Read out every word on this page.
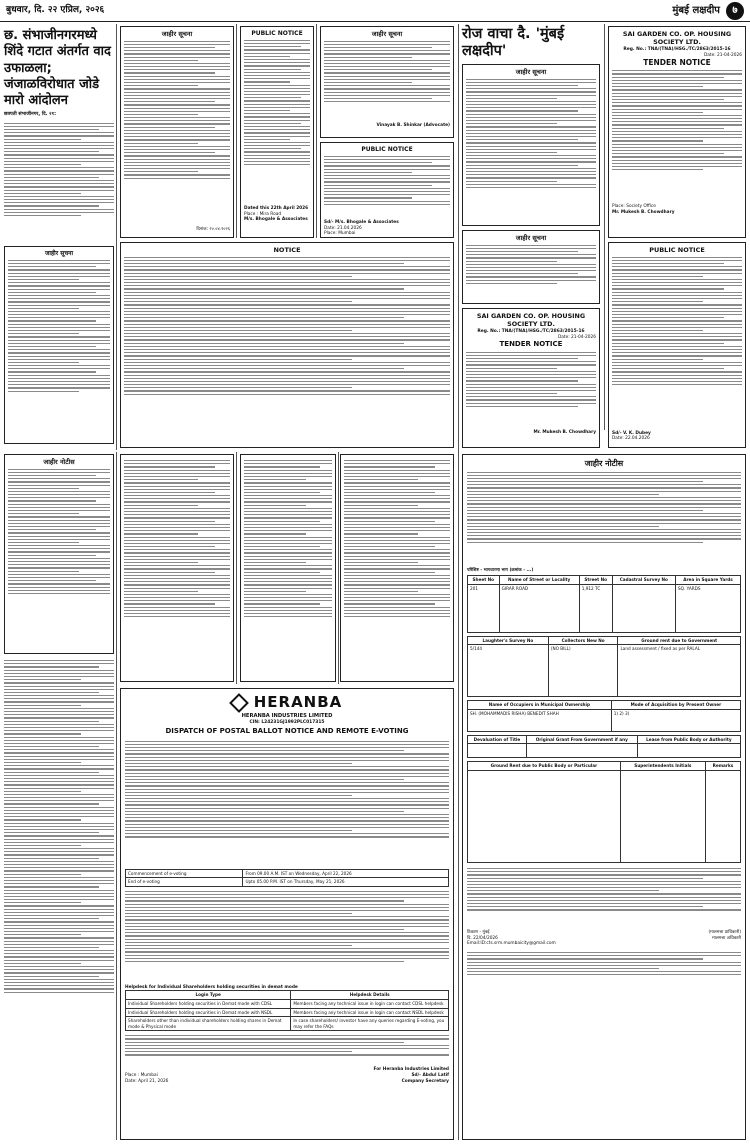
बुधवार, दि. २२ एप्रिल, २०२६	मुंबई लक्षदीप	७
छ. संभाजीनगरमध्ये शिंदे गटात अंतर्गत वाद उफाळला; जंजाळविरोधात जोडे मारो आंदोलन
छत्रपती संभाजीनगर, दि. २१:
जाहीर सूचना
जाहीर सूचना
दिनांक: २०.०४.२०२६
PUBLIC NOTICE
Dated this 22th April 2026
Place : Mira Road
M/s. Bhogale & Associates
जाहीर सूचना
Vinayak B. Shinkar (Advocate)
PUBLIC NOTICE
Sd/- M/s. Bhogale & Associates
Date: 21.04.2026
Place: Mumbai
NOTICE
रोज वाचा दै. 'मुंबई लक्षदीप'
जाहीर सूचना
जाहीर सूचना
SAI GARDEN CO. OP. HOUSING SOCIETY LTD.
Reg. No.: TNA/(TNA)/HSG./TC/2863/2015-16
Date: 21-04-2026
TENDER NOTICE
Mr. Mukesh B. Chowdhary
SAI GARDEN CO. OP. HOUSING SOCIETY LTD.
Reg. No.: TNA/(TNA)/HSG./TC/2863/2015-16
Date: 21-04-2026
TENDER NOTICE
Place: Society Office
Mr. Mukesh B. Chowdhary
PUBLIC NOTICE
Sd/- V. K. Dubey
Date: 22.04.2026
जाहीर नोटीस
HERANBA
HERANBA INDUSTRIES LIMITED
CIN: L24231GJ1992PLC017315
DISPATCH OF POSTAL BALLOT NOTICE AND REMOTE E-VOTING
Commencement of e-voting	From 09.00 A.M. IST on Wednesday, April 22, 2026
End of e-voting	Upto 05.00 P.M. IST on Thursday, May 21, 2026
Helpdesk for Individual Shareholders holding securities in demat mode
Login Type	Helpdesk Details
Individual Shareholders holding securities in Demat mode with CDSL	Members facing any technical issue in login can contact CDSL helpdesk
Individual Shareholders holding securities in Demat mode with NSDL	Members facing any technical issue in login can contact NSDL helpdesk
Shareholders other than individual shareholders holding shares in Demat mode & Physical mode	In case shareholders/ investor have any queries regarding E-voting, you may refer the FAQs
Place : Mumbai
Date: April 21, 2026
For Heranba Industries Limited
Sd/- Abdul Latif
Company Secretary
जाहीर नोटीस
परिशिष्ट - भागधारणा भाग (क्रमांक - ...)
Sheet No	Name of Street or Locality	Street No	Cadastral Survey No	Area in Square Yards
201	GIRAR ROAD	1,912 TC		SQ. YARDS
Laughter's Survey No	Collectors New No	Ground rent due to Government
5/144	(NO BILL)	Land assessment / fixed as per RALAL
Name of Occupiers in Municipal Ownership	Mode of Acquisition by Present Owner
SH. (MOHAMMADIS RISHA) BENEDIT SHAH	1) 2) 3)
Devaluation of Title	Original Grant From Government if any	Lease from Public Body or Authority

Ground Rent due to Public Body or Particular	Superintendents Initials	Remarks

ठिकाण - मुंबई
दि. 22/04/2026
Email:ID:cts.srm.mumbaicity@gmail.com
(मालमत्ता प्राधिकारी)
मालमत्ता अधिकारी
